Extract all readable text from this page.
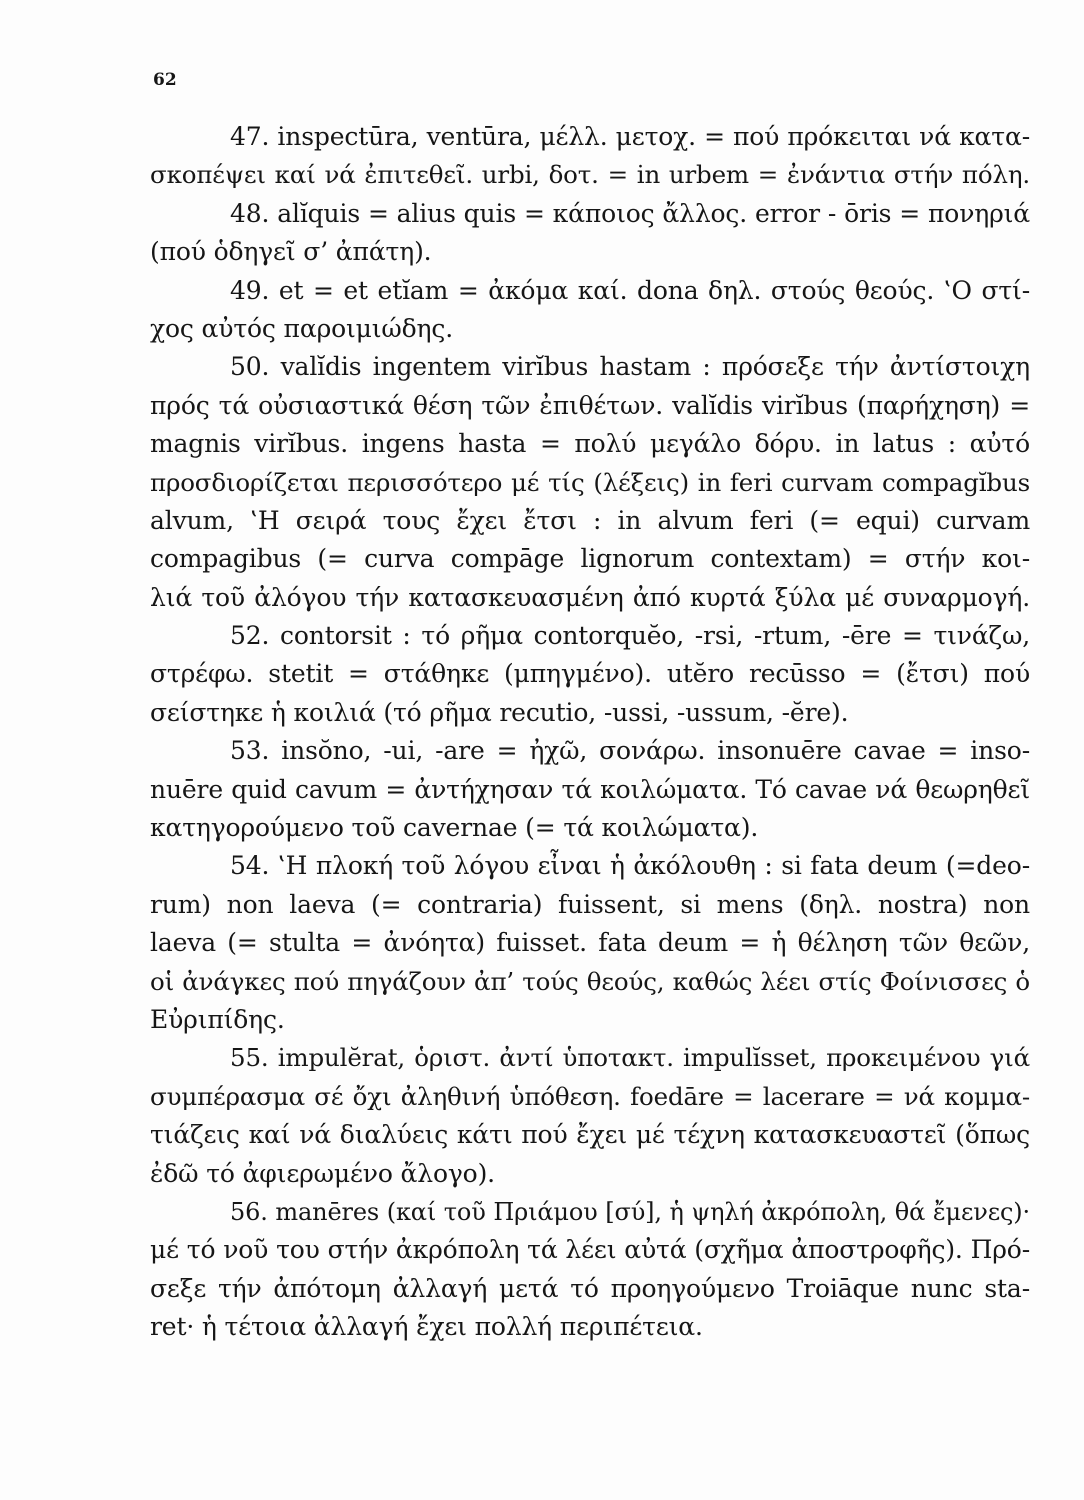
62
47. inspectūra, ventūra, μέλλ. μετοχ. = πού πρόκειται νά κατα-
σκοπέψει καί νά ἐπιτεθεῖ. urbi, δοτ. = in urbem = ἐνάντια στήν πόλη.
48. alĭquis = alius quis = κάποιος ἄλλος. error - ōris = πονηριά
(πού ὁδηγεῖ σ’ ἀπάτη).
49. et = et etĭam = ἀκόμα καί. dona δηλ. στούς θεούς. ‛Ο στί-
χος αὐτός παροιμιώδης.
50. valĭdis ingentem virĭbus hastam : πρόσεξε τήν ἀντίστοιχη
πρός τά οὐσιαστικά θέση τῶν ἐπιθέτων. valĭdis virĭbus (παρήχηση) =
magnis virĭbus. ingens hasta = πολύ μεγάλο δόρυ. in latus : αὐτό
προσδιορίζεται περισσότερο μέ τίς (λέξεις) in feri curvam compagĭbus
alvum, ‛Η σειρά τους ἔχει ἔτσι : in alvum feri (= equi) curvam
compagibus (= curva compāge lignorum contextam) = στήν κοι-
λιά τοῦ ἀλόγου τήν κατασκευασμένη ἀπό κυρτά ξύλα μέ συναρμογή.
52. contorsit : τό ρῆμα contorquĕo, -rsi, -rtum, -ēre = τινάζω,
στρέφω. stetit = στάθηκε (μπηγμένο). utĕro recūsso = (ἔτσι) πού
σείστηκε ἡ κοιλιά (τό ρῆμα recutio, -ussi, -ussum, -ĕre).
53. insŏno, -ui, -are = ἠχῶ, σονάρω. insonuēre cavae = inso-
nuēre quid cavum = ἀντήχησαν τά κοιλώματα. Τό cavae νά θεωρηθεῖ
κατηγορούμενο τοῦ cavernae (= τά κοιλώματα).
54. ‛Η πλοκή τοῦ λόγου εἶναι ἡ ἀκόλουθη : si fata deum (=deo-
rum) non laeva (= contraria) fuissent, si mens (δηλ. nostra) non
laeva (= stulta = ἀνόητα) fuisset. fata deum = ἡ θέληση τῶν θεῶν,
οἱ ἀνάγκες πού πηγάζουν ἀπ’ τούς θεούς, καθώς λέει στίς Φοίνισσες ὁ
Εὐριπίδης.
55. impulĕrat, ὁριστ. ἀντί ὑποτακτ. impulĭsset, προκειμένου γιά
συμπέρασμα σέ ὄχι ἀληθινή ὑπόθεση. foedāre = lacerare = νά κομμα-
τιάζεις καί νά διαλύεις κάτι πού ἔχει μέ τέχνη κατασκευαστεῖ (ὅπως
ἐδῶ τό ἀφιερωμένο ἄλογο).
56. manēres (καί τοῦ Πριάμου [σύ], ἡ ψηλή ἀκρόπολη, θά ἔμενες)·
μέ τό νοῦ του στήν ἀκρόπολη τά λέει αὐτά (σχῆμα ἀποστροφῆς). Πρό-
σεξε τήν ἀπότομη ἀλλαγή μετά τό προηγούμενο Troiāque nunc sta-
ret· ἡ τέτοια ἀλλαγή ἔχει πολλή περιπέτεια.
